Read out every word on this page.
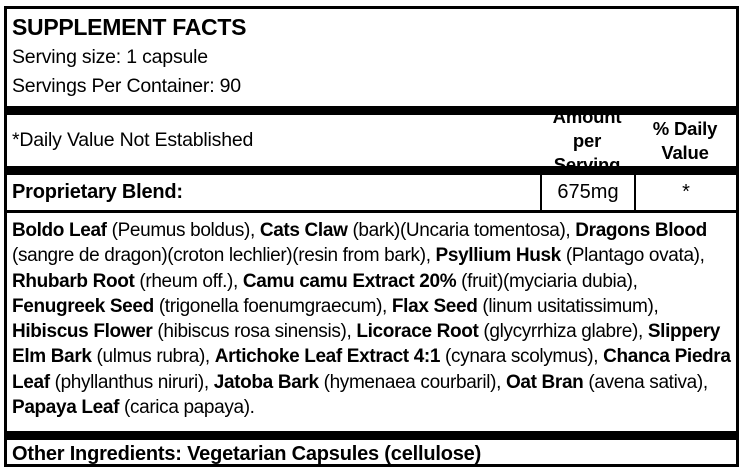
SUPPLEMENT FACTS
Serving size: 1 capsule
Servings Per Container: 90
*Daily Value Not Established
Amount
per Serving
% Daily
Value
Proprietary Blend:	675mg	*
Boldo Leaf (Peumus boldus), Cats Claw (bark)(Uncaria tomentosa), Dragons Blood (sangre de dragon)(croton lechlier)(resin from bark), Psyllium Husk (Plantago ovata), Rhubarb Root (rheum off.), Camu camu Extract 20% (fruit)(myciaria dubia), Fenugreek Seed (trigonella foenumgraecum), Flax Seed (linum usitatissimum), Hibiscus Flower (hibiscus rosa sinensis), Licorace Root (glycyrrhiza glabre), Slippery Elm Bark (ulmus rubra), Artichoke Leaf Extract 4:1 (cynara scolymus), Chanca Piedra Leaf (phyllanthus niruri), Jatoba Bark (hymenaea courbaril), Oat Bran (avena sativa), Papaya Leaf (carica papaya).
Other Ingredients: Vegetarian Capsules (cellulose)
